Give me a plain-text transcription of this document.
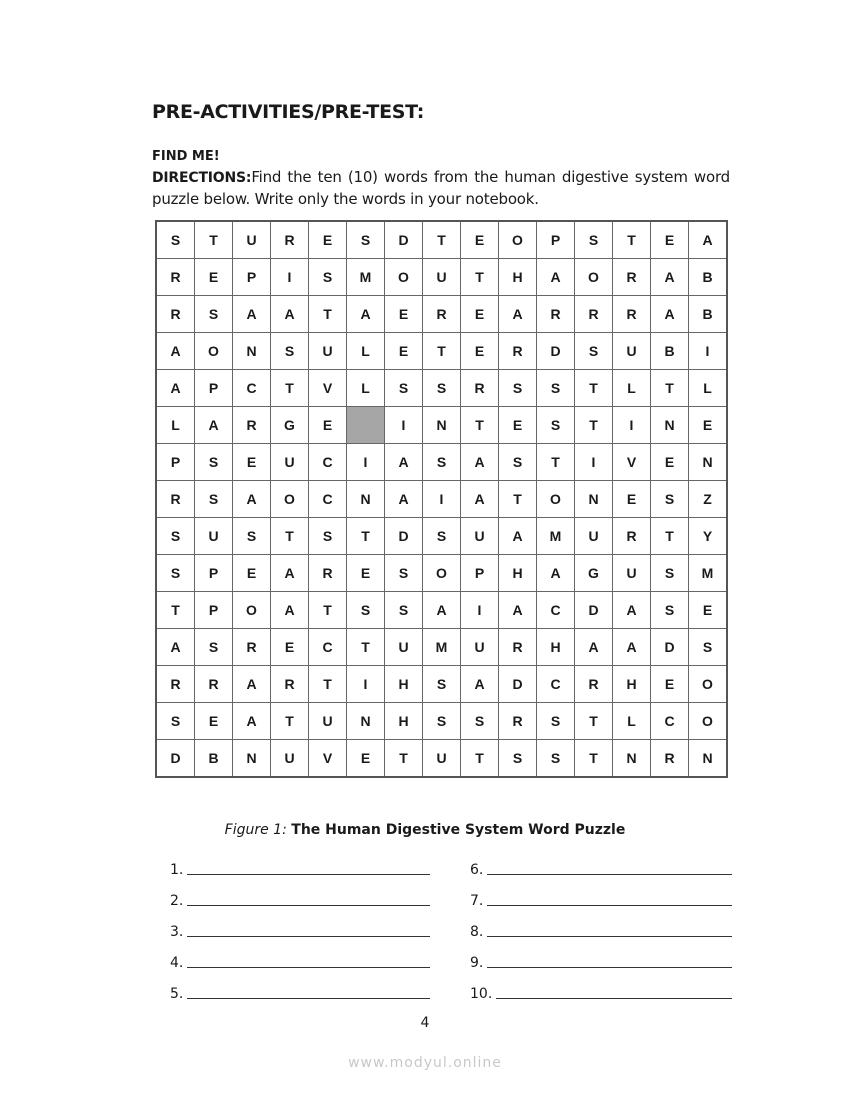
PRE-ACTIVITIES/PRE-TEST:
FIND ME!
DIRECTIONS:Find the ten (10) words from the human digestive system word puzzle below. Write only the words in your notebook.
S	T	U	R	E	S	D	T	E	O	P	S	T	E	A
R	E	P	I	S	M	O	U	T	H	A	O	R	A	B
R	S	A	A	T	A	E	R	E	A	R	R	R	A	B
A	O	N	S	U	L	E	T	E	R	D	S	U	B	I
A	P	C	T	V	L	S	S	R	S	S	T	L	T	L
L	A	R	G	E		I	N	T	E	S	T	I	N	E
P	S	E	U	C	I	A	S	A	S	T	I	V	E	N
R	S	A	O	C	N	A	I	A	T	O	N	E	S	Z
S	U	S	T	S	T	D	S	U	A	M	U	R	T	Y
S	P	E	A	R	E	S	O	P	H	A	G	U	S	M
T	P	O	A	T	S	S	A	I	A	C	D	A	S	E
A	S	R	E	C	T	U	M	U	R	H	A	A	D	S
R	R	A	R	T	I	H	S	A	D	C	R	H	E	O
S	E	A	T	U	N	H	S	S	R	S	T	L	C	O
D	B	N	U	V	E	T	U	T	S	S	T	N	R	N
Figure 1: The Human Digestive System Word Puzzle
1.
2.
3.
4.
5.
6.
7.
8.
9.
10.
4
www.modyul.online
